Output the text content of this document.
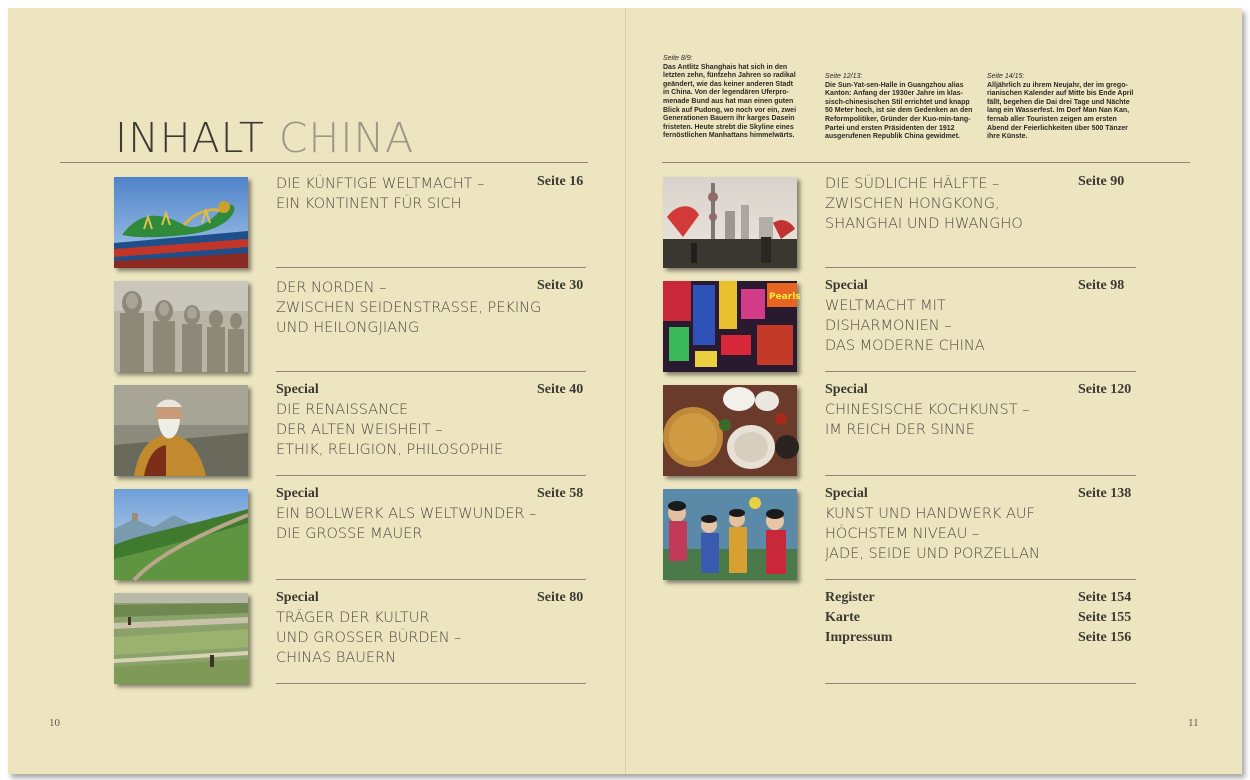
INHALT CHINA
Seite 8/9:
Das Antlitz Shanghais hat sich in den
letzten zehn, fünfzehn Jahren so radikal
geändert, wie das keiner anderen Stadt
in China. Von der legendären Uferpro-
menade Bund aus hat man einen guten
Blick auf Pudong, wo noch vor ein, zwei
Generationen Bauern ihr karges Dasein
fristeten. Heute strebt die Skyline eines
fernöstlichen Manhattans himmelwärts.
Seite 12/13:
Die Sun-Yat-sen-Halle in Guangzhou alias
Kanton: Anfang der 1930er Jahre im klas-
sisch-chinesischen Stil errichtet und knapp
50 Meter hoch, ist sie dem Gedenken an den
Reformpolitiker, Gründer der Kuo-min-tang-
Partei und ersten Präsidenten der 1912
ausgerufenen Republik China gewidmet.
Seite 14/15:
Alljährlich zu ihrem Neujahr, der im grego-
rianischen Kalender auf Mitte bis Ende April
fällt, begehen die Dai drei Tage und Nächte
lang ein Wasserfest. Im Dorf Man Nan Kan,
fernab aller Touristen zeigen am ersten
Abend der Feierlichkeiten über 500 Tänzer
ihre Künste.
DIE KÜNFTIGE WELTMACHT –
EIN KONTINENT FÜR SICH
Seite 16
DER NORDEN –
ZWISCHEN SEIDENSTRASSE, PEKING
UND HEILONGJIANG
Seite 30
Special
DIE RENAISSANCE
DER ALTEN WEISHEIT –
ETHIK, RELIGION, PHILOSOPHIE
Seite 40
Special
EIN BOLLWERK ALS WELTWUNDER –
DIE GROSSE MAUER
Seite 58
Special
TRÄGER DER KULTUR
UND GROSSER BÜRDEN –
CHINAS BAUERN
Seite 80
DIE SÜDLICHE HÄLFTE –
ZWISCHEN HONGKONG,
SHANGHAI UND HWANGHO
Seite 90
Pearls
Special
WELTMACHT MIT
DISHARMONIEN –
DAS MODERNE CHINA
Seite 98
Special
CHINESISCHE KOCHKUNST –
IM REICH DER SINNE
Seite 120
Special
KUNST UND HANDWERK AUF
HÖCHSTEM NIVEAU –
JADE, SEIDE UND PORZELLAN
Seite 138
Register	Seite 154
Karte	Seite 155
Impressum	Seite 156
10	11
